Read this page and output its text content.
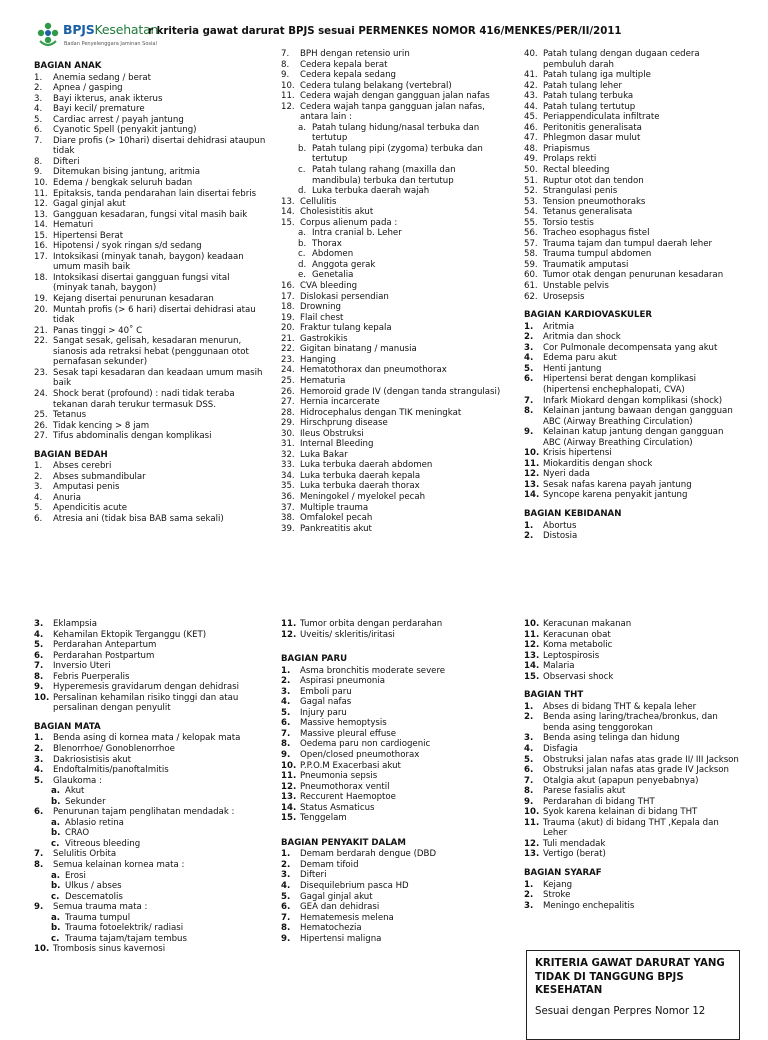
BPJSKesehatan
Badan Penyelenggara Jaminan Sosial
r kriteria gawat darurat BPJS sesuai PERMENKES NOMOR 416/MENKES/PER/II/2011
BAGIAN ANAK
1.	Anemia sedang / berat
2.	Apnea / gasping
3.	Bayi ikterus, anak ikterus
4.	Bayi kecil/ premature
5.	Cardiac arrest / payah jantung
6.	Cyanotic Spell (penyakit jantung)
7.	Diare profis (> 10hari) disertai dehidrasi ataupun tidak
8.	Difteri
9.	Ditemukan bising jantung, aritmia
10. Edema / bengkak seluruh badan
11. Epitaksis, tanda pendarahan lain disertai febris
12. Gagal ginjal akut
13. Gangguan kesadaran, fungsi vital masih baik
14. Hematuri
15. Hipertensi Berat
16. Hipotensi / syok ringan s/d sedang
17. Intoksikasi (minyak tanah, baygon) keadaan umum masih baik
18. Intoksikasi disertai gangguan fungsi vital (minyak tanah, baygon)
19. Kejang disertai penurunan kesadaran
20. Muntah profis (> 6 hari) disertai dehidrasi atau tidak
21. Panas tinggi > 40˚ C
22. Sangat sesak, gelisah, kesadaran menurun, sianosis ada retraksi hebat (penggunaan otot pernafasan sekunder)
23. Sesak tapi kesadaran dan keadaan umum masih baik
24. Shock berat (profound) : nadi tidak teraba tekanan darah terukur termasuk DSS.
25. Tetanus
26. Tidak kencing > 8 jam
27. Tifus abdominalis dengan komplikasi
BAGIAN BEDAH
1.	Abses cerebri
2.	Abses submandibular
3.	Amputasi penis
4.	Anuria
5.	Apendicitis acute
6.	Atresia ani (tidak bisa BAB sama sekali)
7.	BPH dengan retensio urin
8.	Cedera kepala berat
9.	Cedera kepala sedang
10. Cedera tulang belakang (vertebral)
11. Cedera wajah dengan gangguan jalan nafas
12. Cedera wajah tanpa gangguan jalan nafas, antara lain :
a. Patah tulang hidung/nasal terbuka dan tertutup
b. Patah tulang pipi (zygoma) terbuka dan tertutup
c. Patah tulang rahang (maxilla dan mandibula) terbuka dan tertutup
d. Luka terbuka daerah wajah
13. Cellulitis
14. Cholesistitis akut
15. Corpus alienum pada :
a. Intra cranial b. Leher
b. Thorax
c. Abdomen
d. Anggota gerak
e. Genetalia
16. CVA bleeding
17. Dislokasi persendian
18. Drowning
19. Flail chest
20. Fraktur tulang kepala
21. Gastrokikis
22. Gigitan binatang / manusia
23. Hanging
24. Hematothorax dan pneumothorax
25. Hematuria
26. Hemoroid grade IV (dengan tanda strangulasi)
27. Hernia incarcerate
28. Hidrocephalus dengan TIK meningkat
29. Hirschprung disease
30. Ileus Obstruksi
31. Internal Bleeding
32. Luka Bakar
33. Luka terbuka daerah abdomen
34. Luka terbuka daerah kepala
35. Luka terbuka daerah thorax
36. Meningokel / myelokel pecah
37. Multiple trauma
38. Omfalokel pecah
39. Pankreatitis akut
40. Patah tulang dengan dugaan cedera pembuluh darah
41. Patah tulang iga multiple
42. Patah tulang leher
43. Patah tulang terbuka
44. Patah tulang tertutup
45. Periappendiculata infiltrate
46. Peritonitis generalisata
47. Phlegmon dasar mulut
48. Priapismus
49. Prolaps rekti
50. Rectal bleeding
51. Ruptur otot dan tendon
52. Strangulasi penis
53. Tension pneumothoraks
54. Tetanus generalisata
55. Torsio testis
56. Tracheo esophagus fistel
57. Trauma tajam dan tumpul daerah leher
58. Trauma tumpul abdomen
59. Traumatik amputasi
60. Tumor otak dengan penurunan kesadaran
61. Unstable pelvis
62. Urosepsis
BAGIAN KARDIOVASKULER
1.	Aritmia
2.	Aritmia dan shock
3.	Cor Pulmonale decompensata yang akut
4.	Edema paru akut
5.	Henti jantung
6.	Hipertensi berat dengan komplikasi (hipertensi enchephalopati, CVA)
7.	Infark Miokard dengan komplikasi (shock)
8.	Kelainan jantung bawaan dengan gangguan ABC (Airway Breathing Circulation)
9.	Kelainan katup jantung dengan gangguan ABC (Airway Breathing Circulation)
10. Krisis hipertensi
11. Miokarditis dengan shock
12. Nyeri dada
13. Sesak nafas karena payah jantung
14. Syncope karena penyakit jantung
BAGIAN KEBIDANAN
1.	Abortus
2.	Distosia
3.	Eklampsia
4.	Kehamilan Ektopik Terganggu (KET)
5.	Perdarahan Antepartum
6.	Perdarahan Postpartum
7.	Inversio Uteri
8.	Febris Puerperalis
9.	Hyperemesis gravidarum dengan dehidrasi
10. Persalinan kehamilan risiko tinggi dan atau persalinan dengan penyulit
BAGIAN MATA
1.	Benda asing di kornea mata / kelopak mata
2.	Blenorrhoe/ Gonoblenorrhoe
3.	Dakriosistisis akut
4.	Endoftalmitis/panoftalmitis
5.	Glaukoma :
a. Akut
b. Sekunder
6.	Penurunan tajam penglihatan mendadak :
a. Ablasio retina
b. CRAO
c. Vitreous bleeding
7.	Selulitis Orbita
8.	Semua kelainan kornea mata :
a. Erosi
b. Ulkus / abses
c. Descematolis
9.	Semua trauma mata :
a. Trauma tumpul
b. Trauma fotoelektrik/ radiasi
c. Trauma tajam/tajam tembus
10. Trombosis sinus kavernosi
11. Tumor orbita dengan perdarahan
12. Uveitis/ skleritis/iritasi
BAGIAN PARU
1.	Asma bronchitis moderate severe
2.	Aspirasi pneumonia
3.	Emboli paru
4.	Gagal nafas
5.	Injury paru
6.	Massive hemoptysis
7.	Massive pleural effuse
8.	Oedema paru non cardiogenic
9.	Open/closed pneumothorax
10. P.P.O.M Exacerbasi akut
11. Pneumonia sepsis
12. Pneumothorax ventil
13. Reccurent Haemoptoe
14. Status Asmaticus
15. Tenggelam
BAGIAN PENYAKIT DALAM
1.	Demam berdarah dengue (DBD
2.	Demam tifoid
3.	Difteri
4.	Disequilebrium pasca HD
5.	Gagal ginjal akut
6.	GEA dan dehidrasi
7.	Hematemesis melena
8.	Hematochezia
9.	Hipertensi maligna
10. Keracunan makanan
11. Keracunan obat
12. Koma metabolic
13. Leptospirosis
14. Malaria
15. Observasi shock
BAGIAN THT
1.	Abses di bidang THT & kepala leher
2.	Benda asing laring/trachea/bronkus, dan benda asing tenggorokan
3.	Benda asing telinga dan hidung
4.	Disfagia
5.	Obstruksi jalan nafas atas grade II/ III Jackson
6.	Obstruksi jalan nafas atas grade IV Jackson
7.	Otalgia akut (apapun penyebabnya)
8.	Parese fasialis akut
9.	Perdarahan di bidang THT
10. Syok karena kelainan di bidang THT
11. Trauma (akut) di bidang THT ,Kepala dan Leher
12. Tuli mendadak
13. Vertigo (berat)
BAGIAN SYARAF
1.	Kejang
2.	Stroke
3.	Meningo enchepalitis
KRITERIA GAWAT DARURAT YANG TIDAK DI TANGGUNG BPJS KESEHATAN
Sesuai dengan Perpres Nomor 12
